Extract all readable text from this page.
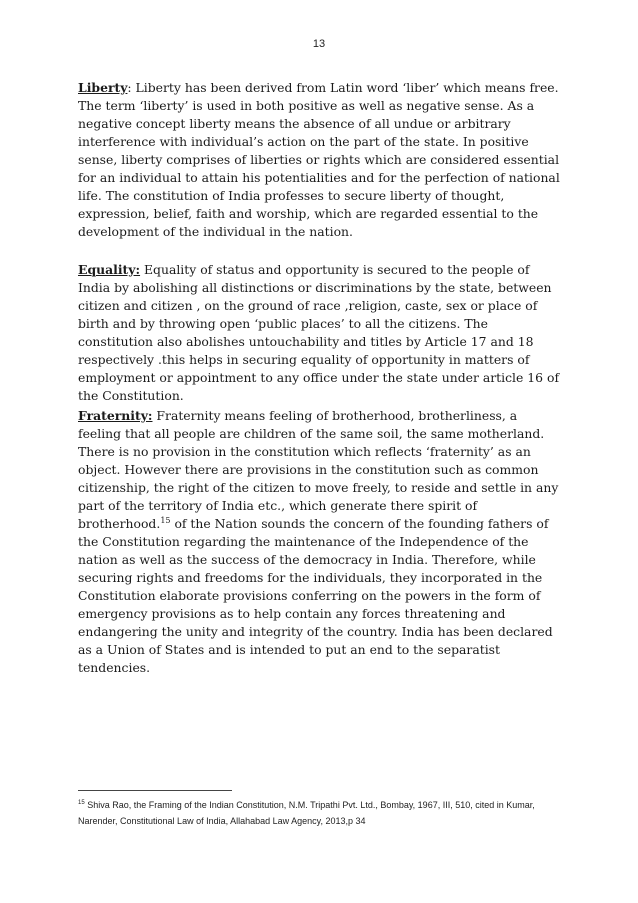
13

Liberty: Liberty has been derived from Latin word ‘liber’ which means free. The term ‘liberty’ is used in both positive as well as negative sense. As a negative concept liberty means the absence of all undue or arbitrary interference with individual’s action on the part of the state. In positive sense, liberty comprises of liberties or rights which are considered essential for an individual to attain his potentialities and for the perfection of national life. The constitution of India professes to secure liberty of thought, expression, belief, faith and worship, which are regarded essential to the development of the individual in the nation.

Equality: Equality of status and opportunity is secured to the people of India by abolishing all distinctions or discriminations by the state, between citizen and citizen , on the ground of race ,religion, caste, sex or place of birth and by throwing open ‘public places’ to all the citizens. The constitution also abolishes untouchability and titles by Article 17 and 18 respectively .this helps in securing equality of opportunity in matters of employment or appointment to any office under the state under article 16 of the Constitution.

Fraternity: Fraternity means feeling of brotherhood, brotherliness, a feeling that all people are children of the same soil, the same motherland. There is no provision in the constitution which reflects ‘fraternity’ as an object. However there are provisions in the constitution such as common citizenship, the right of the citizen to move freely, to reside and settle in any part of the territory of India etc., which generate there spirit of brotherhood.$^{15}$ of the Nation sounds the concern of the founding fathers of the Constitution regarding the maintenance of the Independence of the nation as well as the success of the democracy in India. Therefore, while securing rights and freedoms for the individuals, they incorporated in the Constitution elaborate provisions conferring on the powers in the form of emergency provisions as to help contain any forces threatening and endangering the unity and integrity of the country. India has been declared as a Union of States and is intended to put an end to the separatist tendencies.

$^{15}$ Shiva Rao, the Framing of the Indian Constitution, N.M. Tripathi Pvt. Ltd., Bombay, 1967, III, 510, cited in Kumar, Narender, Constitutional Law of India, Allahabad Law Agency, 2013,p 34
